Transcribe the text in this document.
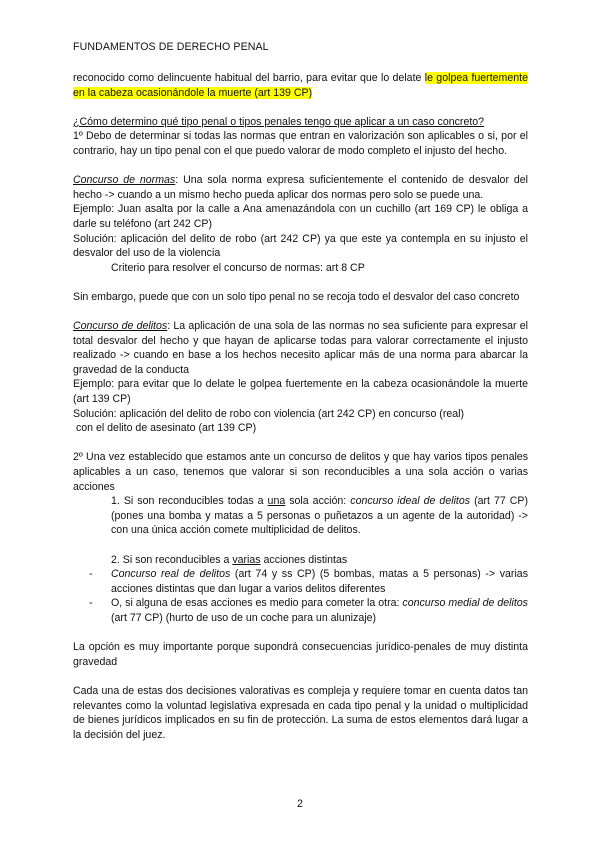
FUNDAMENTOS DE DERECHO PENAL

reconocido como delincuente habitual del barrio, para evitar que lo delate le golpea fuertemente en la cabeza ocasionándole la muerte (art 139 CP)

¿Cómo determino qué tipo penal o tipos penales tengo que aplicar a un caso concreto?

1º Debo de determinar si todas las normas que entran en valorización son aplicables o si, por el contrario, hay un tipo penal con el que puedo valorar de modo completo el injusto del hecho.

Concurso de normas: Una sola norma expresa suficientemente el contenido de desvalor del hecho -> cuando a un mismo hecho pueda aplicar dos normas pero solo se puede una.

Ejemplo: Juan asalta por la calle a Ana amenazándola con un cuchillo (art 169 CP) le obliga a darle su teléfono (art 242 CP)

Solución: aplicación del delito de robo (art 242 CP) ya que este ya contempla en su injusto el desvalor del uso de la violencia

Criterio para resolver el concurso de normas: art 8 CP

Sin embargo, puede que con un solo tipo penal no se recoja todo el desvalor del caso concreto

Concurso de delitos: La aplicación de una sola de las normas no sea suficiente para expresar el total desvalor del hecho y que hayan de aplicarse todas para valorar correctamente el injusto realizado -> cuando en base a los hechos necesito aplicar más de una norma para abarcar la gravedad de la conducta

Ejemplo: para evitar que lo delate le golpea fuertemente en la cabeza ocasionándole la muerte (art 139 CP)

Solución: aplicación del delito de robo con violencia (art 242 CP) en concurso (real)

con el delito de asesinato (art 139 CP)

2º Una vez establecido que estamos ante un concurso de delitos y que hay varios tipos penales aplicables a un caso, tenemos que valorar si son reconducibles a una sola acción o varias acciones

1. Si son reconducibles todas a una sola acción: concurso ideal de delitos (art 77 CP) (pones una bomba y matas a 5 personas o puñetazos a un agente de la autoridad) -> con una única acción comete multiplicidad de delitos.

2. Si son reconducibles a varias acciones distintas

- Concurso real de delitos (art 74 y ss CP) (5 bombas, matas a 5 personas) -> varias acciones distintas que dan lugar a varios delitos diferentes
- O, si alguna de esas acciones es medio para cometer la otra: concurso medial de delitos (art 77 CP) (hurto de uso de un coche para un alunizaje)

La opción es muy importante porque supondrá consecuencias jurídico-penales de muy distinta gravedad

Cada una de estas dos decisiones valorativas es compleja y requiere tomar en cuenta datos tan relevantes como la voluntad legislativa expresada en cada tipo penal y la unidad o multiplicidad de bienes jurídicos implicados en su fin de protección. La suma de estos elementos dará lugar a la decisión del juez.

2
